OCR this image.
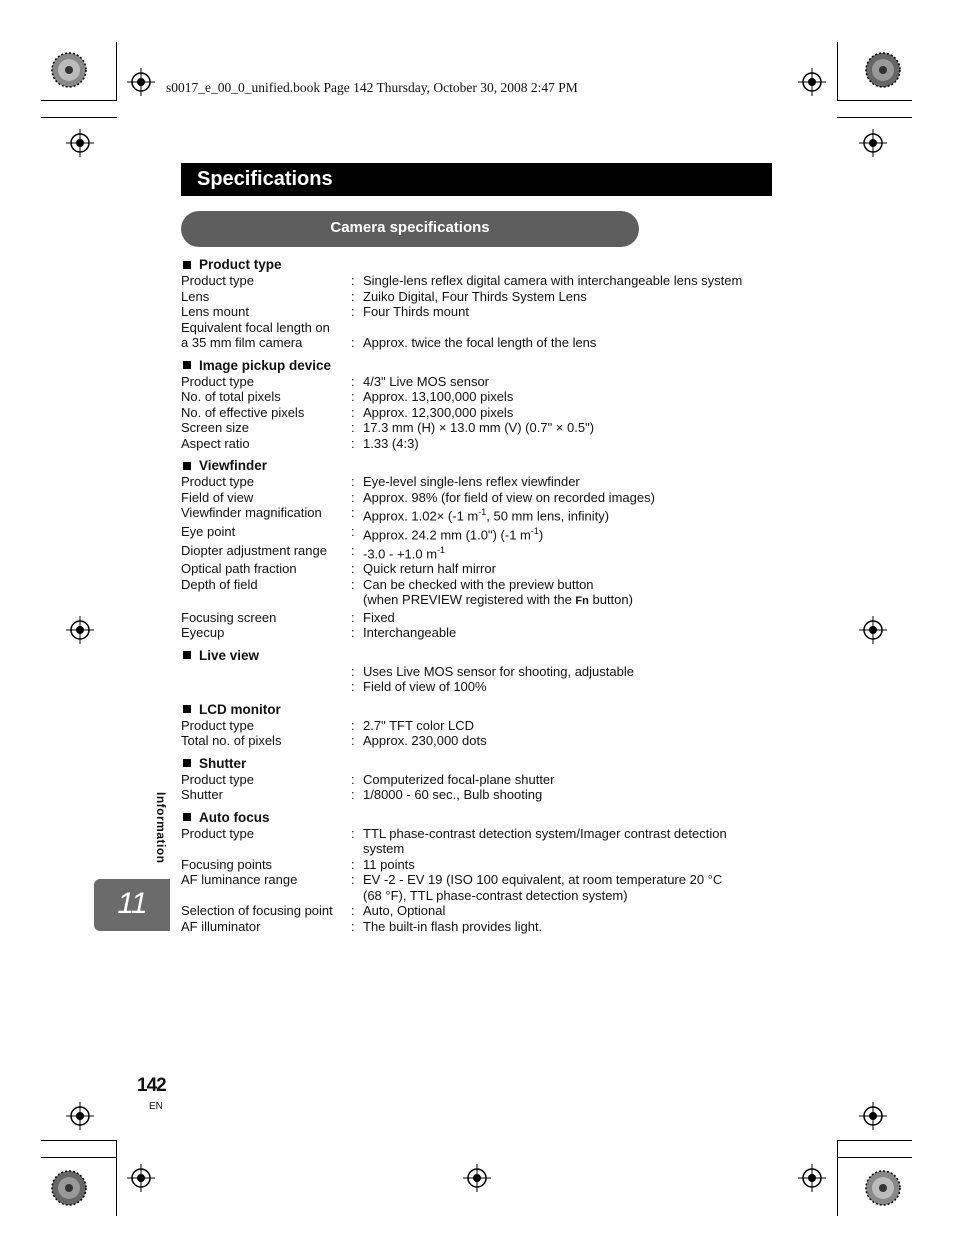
s0017_e_00_0_unified.book Page 142 Thursday, October 30, 2008 2:47 PM
Specifications
Camera specifications
Product type
Product type	: Single-lens reflex digital camera with interchangeable lens system
Lens	: Zuiko Digital, Four Thirds System Lens
Lens mount	: Four Thirds mount
Equivalent focal length on
a 35 mm film camera	: Approx. twice the focal length of the lens
Image pickup device
Product type	: 4/3" Live MOS sensor
No. of total pixels	: Approx. 13,100,000 pixels
No. of effective pixels	: Approx. 12,300,000 pixels
Screen size	: 17.3 mm (H) × 13.0 mm (V) (0.7" × 0.5")
Aspect ratio	: 1.33 (4:3)
Viewfinder
Product type	: Eye-level single-lens reflex viewfinder
Field of view	: Approx. 98% (for field of view on recorded images)
Viewfinder magnification	: Approx. 1.02× (-1 $m^{-1}$, 50 mm lens, infinity)
Eye point	: Approx. 24.2 mm (1.0") (-1 $m^{-1}$)
Diopter adjustment range	: -3.0 - +1.0 $m^{-1}$
Optical path fraction	: Quick return half mirror
Depth of field	: Can be checked with the preview button
(when PREVIEW registered with the Fn button)
Focusing screen	: Fixed
Eyecup	: Interchangeable
Live view
: Uses Live MOS sensor for shooting, adjustable
: Field of view of 100%
LCD monitor
Product type	: 2.7" TFT color LCD
Total no. of pixels	: Approx. 230,000 dots
Shutter
Product type	: Computerized focal-plane shutter
Shutter	: 1/8000 - 60 sec., Bulb shooting
Auto focus
Product type	: TTL phase-contrast detection system/Imager contrast detection
system
Focusing points	: 11 points
AF luminance range	: EV -2 - EV 19 (ISO 100 equivalent, at room temperature 20 °C
(68 °F), TTL phase-contrast detection system)
Selection of focusing point	: Auto, Optional
AF illuminator	: The built-in flash provides light.
Information
11
142
EN
